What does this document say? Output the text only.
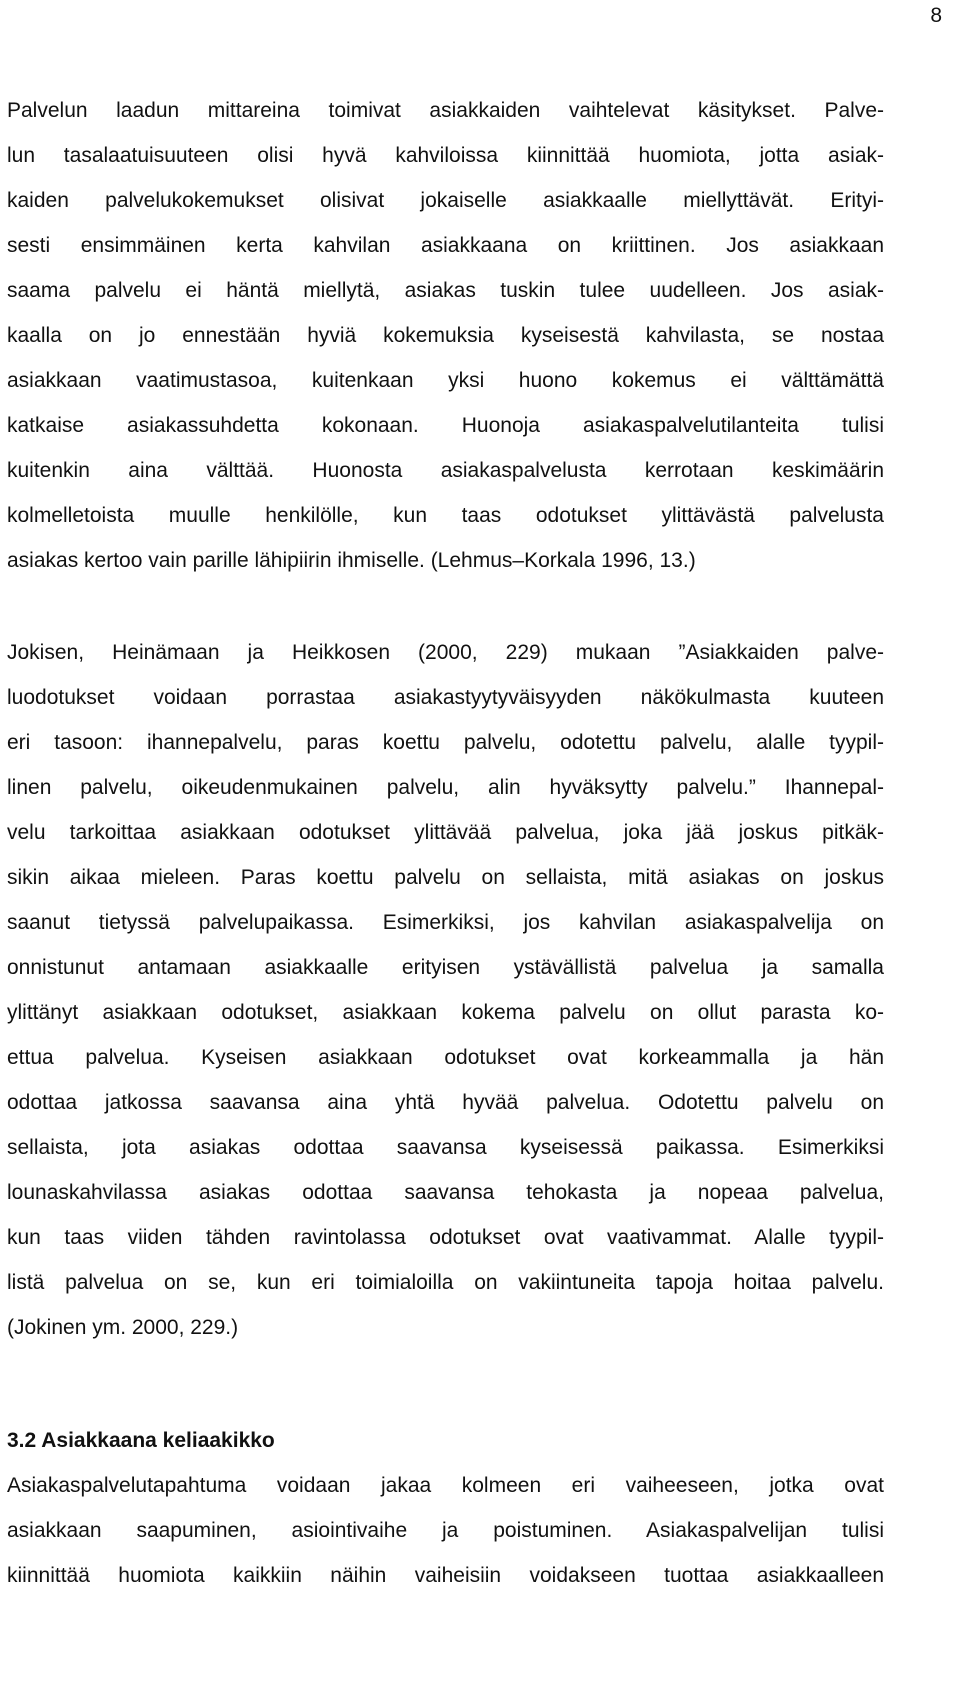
8
Palvelun laadun mittareina toimivat asiakkaiden vaihtelevat käsitykset. Palve-
lun tasalaatuisuuteen olisi hyvä kahviloissa kiinnittää huomiota, jotta asiak-
kaiden palvelukokemukset olisivat jokaiselle asiakkaalle miellyttävät. Erityi-
sesti ensimmäinen kerta kahvilan asiakkaana on kriittinen. Jos asiakkaan
saama palvelu ei häntä miellytä, asiakas tuskin tulee uudelleen. Jos asiak-
kaalla on jo ennestään hyviä kokemuksia kyseisestä kahvilasta, se nostaa
asiakkaan vaatimustasoa, kuitenkaan yksi huono kokemus ei välttämättä
katkaise asiakassuhdetta kokonaan. Huonoja asiakaspalvelutilanteita tulisi
kuitenkin aina välttää. Huonosta asiakaspalvelusta kerrotaan keskimäärin
kolmelletoista muulle henkilölle, kun taas odotukset ylittävästä palvelusta
asiakas kertoo vain parille lähipiirin ihmiselle. (Lehmus–Korkala 1996, 13.)
Jokisen, Heinämaan ja Heikkosen (2000, 229) mukaan ”Asiakkaiden palve-
luodotukset voidaan porrastaa asiakastyytyväisyyden näkökulmasta kuuteen
eri tasoon: ihannepalvelu, paras koettu palvelu, odotettu palvelu, alalle tyypil-
linen palvelu, oikeudenmukainen palvelu, alin hyväksytty palvelu.” Ihannepal-
velu tarkoittaa asiakkaan odotukset ylittävää palvelua, joka jää joskus pitkäk-
sikin aikaa mieleen. Paras koettu palvelu on sellaista, mitä asiakas on joskus
saanut tietyssä palvelupaikassa. Esimerkiksi, jos kahvilan asiakaspalvelija on
onnistunut antamaan asiakkaalle erityisen ystävällistä palvelua ja samalla
ylittänyt asiakkaan odotukset, asiakkaan kokema palvelu on ollut parasta ko-
ettua palvelua. Kyseisen asiakkaan odotukset ovat korkeammalla ja hän
odottaa jatkossa saavansa aina yhtä hyvää palvelua. Odotettu palvelu on
sellaista, jota asiakas odottaa saavansa kyseisessä paikassa. Esimerkiksi
lounaskahvilassa asiakas odottaa saavansa tehokasta ja nopeaa palvelua,
kun taas viiden tähden ravintolassa odotukset ovat vaativammat. Alalle tyypil-
listä palvelua on se, kun eri toimialoilla on vakiintuneita tapoja hoitaa palvelu.
(Jokinen ym. 2000, 229.)
3.2 Asiakkaana keliaakikko
Asiakaspalvelutapahtuma voidaan jakaa kolmeen eri vaiheeseen, jotka ovat
asiakkaan saapuminen, asiointivaihe ja poistuminen. Asiakaspalvelijan tulisi
kiinnittää huomiota kaikkiin näihin vaiheisiin voidakseen tuottaa asiakkaalleen
